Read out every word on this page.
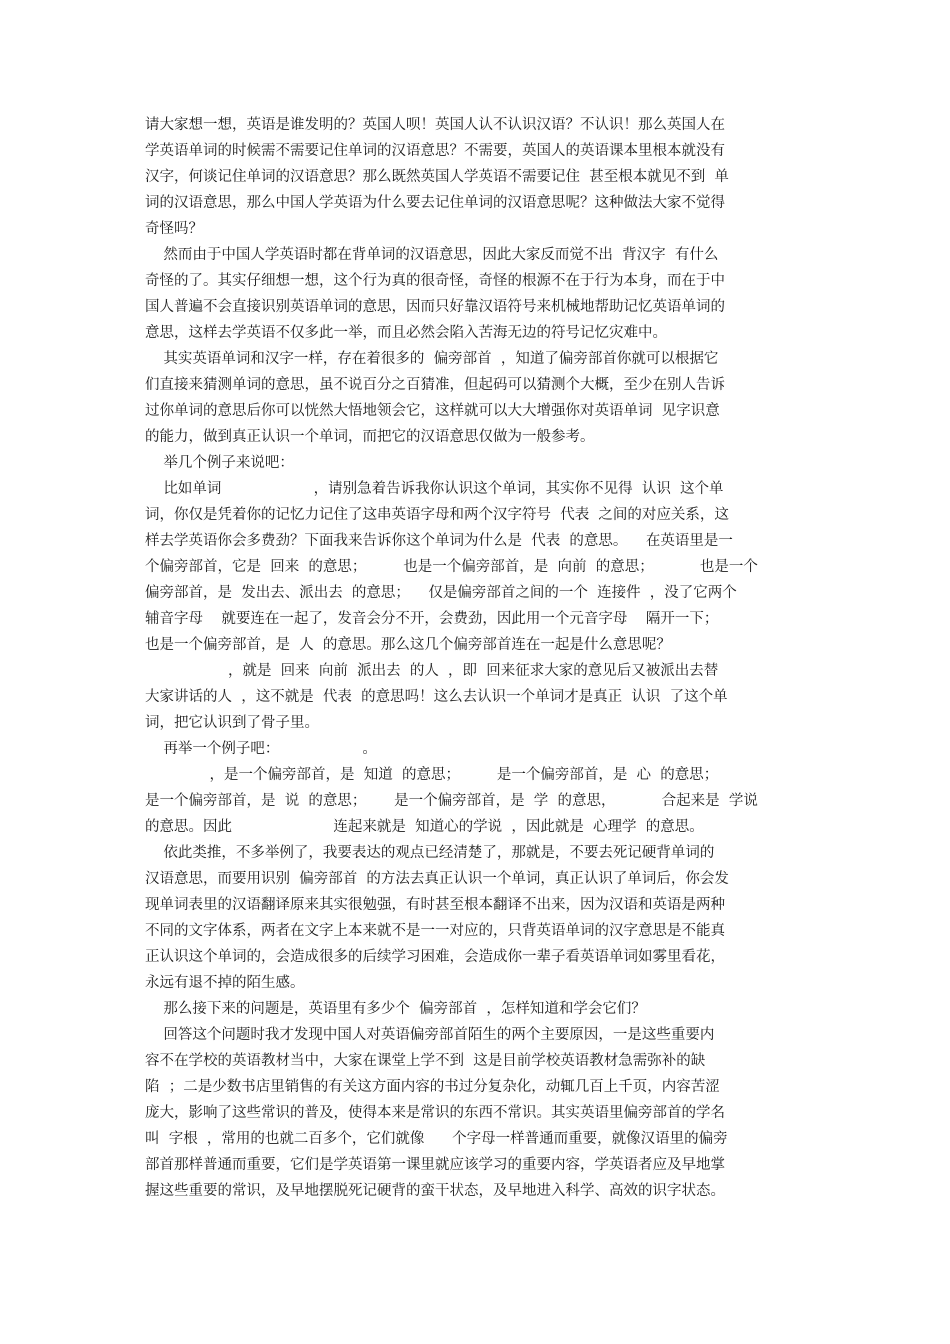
请大家想一想，英语是谁发明的？英国人呗！英国人认不认识汉语？不认识！那么英国人在
学英语单词的时候需不需要记住单词的汉语意思？不需要，英国人的英语课本里根本就没有
汉字，何谈记住单词的汉语意思？那么既然英国人学英语不需要记住  甚至根本就见不到  单
词的汉语意思，那么中国人学英语为什么要去记住单词的汉语意思呢？这种做法大家不觉得
奇怪吗？
然而由于中国人学英语时都在背单词的汉语意思，因此大家反而觉不出  背汉字  有什么
奇怪的了。其实仔细想一想，这个行为真的很奇怪，奇怪的根源不在于行为本身，而在于中
国人普遍不会直接识别英语单词的意思，因而只好靠汉语符号来机械地帮助记忆英语单词的
意思，这样去学英语不仅多此一举，而且必然会陷入苦海无边的符号记忆灾难中。
其实英语单词和汉字一样，存在着很多的  偏旁部首  ，知道了偏旁部首你就可以根据它
们直接来猜测单词的意思，虽不说百分之百猜准，但起码可以猜测个大概，至少在别人告诉
过你单词的意思后你可以恍然大悟地领会它，这样就可以大大增强你对英语单词  见字识意
的能力，做到真正认识一个单词，而把它的汉语意思仅做为一般参考。
举几个例子来说吧：
比如单词                    ，请别急着告诉我你认识这个单词，其实你不见得  认识  这个单
词，你仅是凭着你的记忆力记住了这串英语字母和两个汉字符号  代表  之间的对应关系，这
样去学英语你会多费劲？下面我来告诉你这个单词为什么是  代表  的意思。    在英语里是一
个偏旁部首，它是  回来  的意思；        也是一个偏旁部首，是  向前  的意思；          也是一个
偏旁部首，是  发出去、派出去  的意思；    仅是偏旁部首之间的一个  连接件  ，没了它两个
辅音字母    就要连在一起了，发音会分不开，会费劲，因此用一个元音字母    隔开一下；
也是一个偏旁部首，是  人  的意思。那么这几个偏旁部首连在一起是什么意思呢？
，就是  回来  向前  派出去  的人  ，即  回来征求大家的意见后又被派出去替
大家讲话的人  ，这不就是  代表  的意思吗！这么去认识一个单词才是真正  认识  了这个单
词，把它认识到了骨子里。
再举一个例子吧：                  。
，是一个偏旁部首，是  知道  的意思；        是一个偏旁部首，是  心  的意思；
是一个偏旁部首，是  说  的意思；      是一个偏旁部首，是  学  的意思，          合起来是  学说
的意思。因此                      连起来就是  知道心的学说  ，因此就是  心理学  的意思。
依此类推，不多举例了，我要表达的观点已经清楚了，那就是，不要去死记硬背单词的
汉语意思，而要用识别  偏旁部首  的方法去真正认识一个单词，真正认识了单词后，你会发
现单词表里的汉语翻译原来其实很勉强，有时甚至根本翻译不出来，因为汉语和英语是两种
不同的文字体系，两者在文字上本来就不是一一对应的，只背英语单词的汉字意思是不能真
正认识这个单词的，会造成很多的后续学习困难，会造成你一辈子看英语单词如雾里看花，
永远有退不掉的陌生感。
那么接下来的问题是，英语里有多少个  偏旁部首  ，怎样知道和学会它们？
回答这个问题时我才发现中国人对英语偏旁部首陌生的两个主要原因，一是这些重要内
容不在学校的英语教材当中，大家在课堂上学不到  这是目前学校英语教材急需弥补的缺
陷  ；二是少数书店里销售的有关这方面内容的书过分复杂化，动辄几百上千页，内容苦涩
庞大，影响了这些常识的普及，使得本来是常识的东西不常识。其实英语里偏旁部首的学名
叫  字根  ，常用的也就二百多个，它们就像      个字母一样普通而重要，就像汉语里的偏旁
部首那样普通而重要，它们是学英语第一课里就应该学习的重要内容，学英语者应及早地掌
握这些重要的常识，及早地摆脱死记硬背的蛮干状态，及早地进入科学、高效的识字状态。
